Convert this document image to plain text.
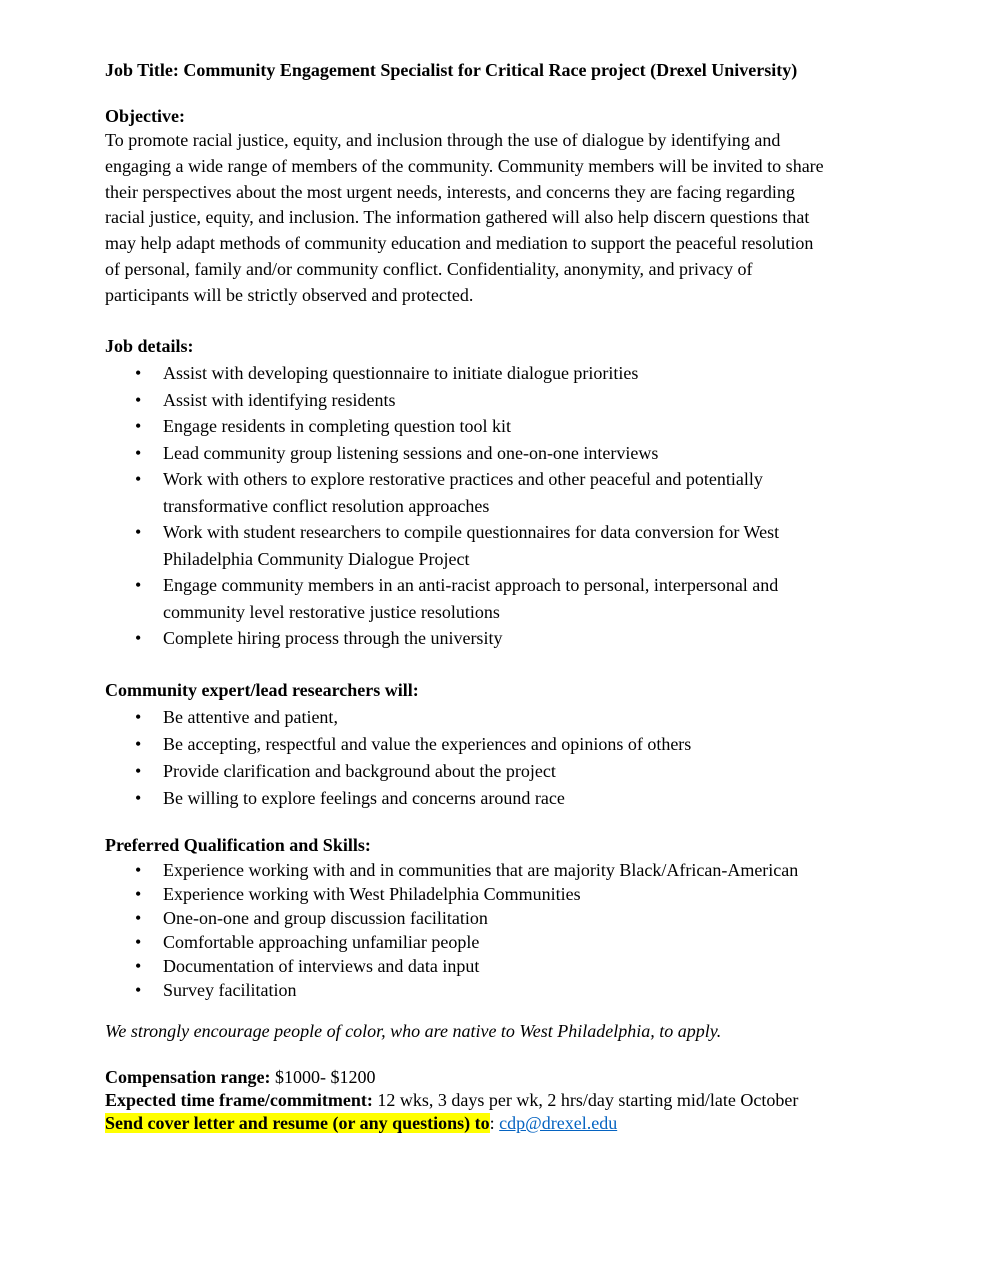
Job Title: Community Engagement Specialist for Critical Race project (Drexel University)
Objective:
To promote racial justice, equity, and inclusion through the use of dialogue by identifying and
engaging a wide range of members of the community. Community members will be invited to share
their perspectives about the most urgent needs, interests, and concerns they are facing regarding
racial justice, equity, and inclusion. The information gathered will also help discern questions that
may help adapt methods of community education and mediation to support the peaceful resolution
of personal, family and/or community conflict. Confidentiality, anonymity, and privacy of
participants will be strictly observed and protected.
Job details:
• Assist with developing questionnaire to initiate dialogue priorities
• Assist with identifying residents
• Engage residents in completing question tool kit
• Lead community group listening sessions and one-on-one interviews
• Work with others to explore restorative practices and other peaceful and potentially
transformative conflict resolution approaches
• Work with student researchers to compile questionnaires for data conversion for West
Philadelphia Community Dialogue Project
• Engage community members in an anti-racist approach to personal, interpersonal and
community level restorative justice resolutions
• Complete hiring process through the university
Community expert/lead researchers will:
• Be attentive and patient,
• Be accepting, respectful and value the experiences and opinions of others
• Provide clarification and background about the project
• Be willing to explore feelings and concerns around race
Preferred Qualification and Skills:
• Experience working with and in communities that are majority Black/African-American
• Experience working with West Philadelphia Communities
• One-on-one and group discussion facilitation
• Comfortable approaching unfamiliar people
• Documentation of interviews and data input
• Survey facilitation
We strongly encourage people of color, who are native to West Philadelphia, to apply.
Compensation range: $1000- $1200
Expected time frame/commitment: 12 wks, 3 days per wk, 2 hrs/day starting mid/late October
Send cover letter and resume (or any questions) to: cdp@drexel.edu
